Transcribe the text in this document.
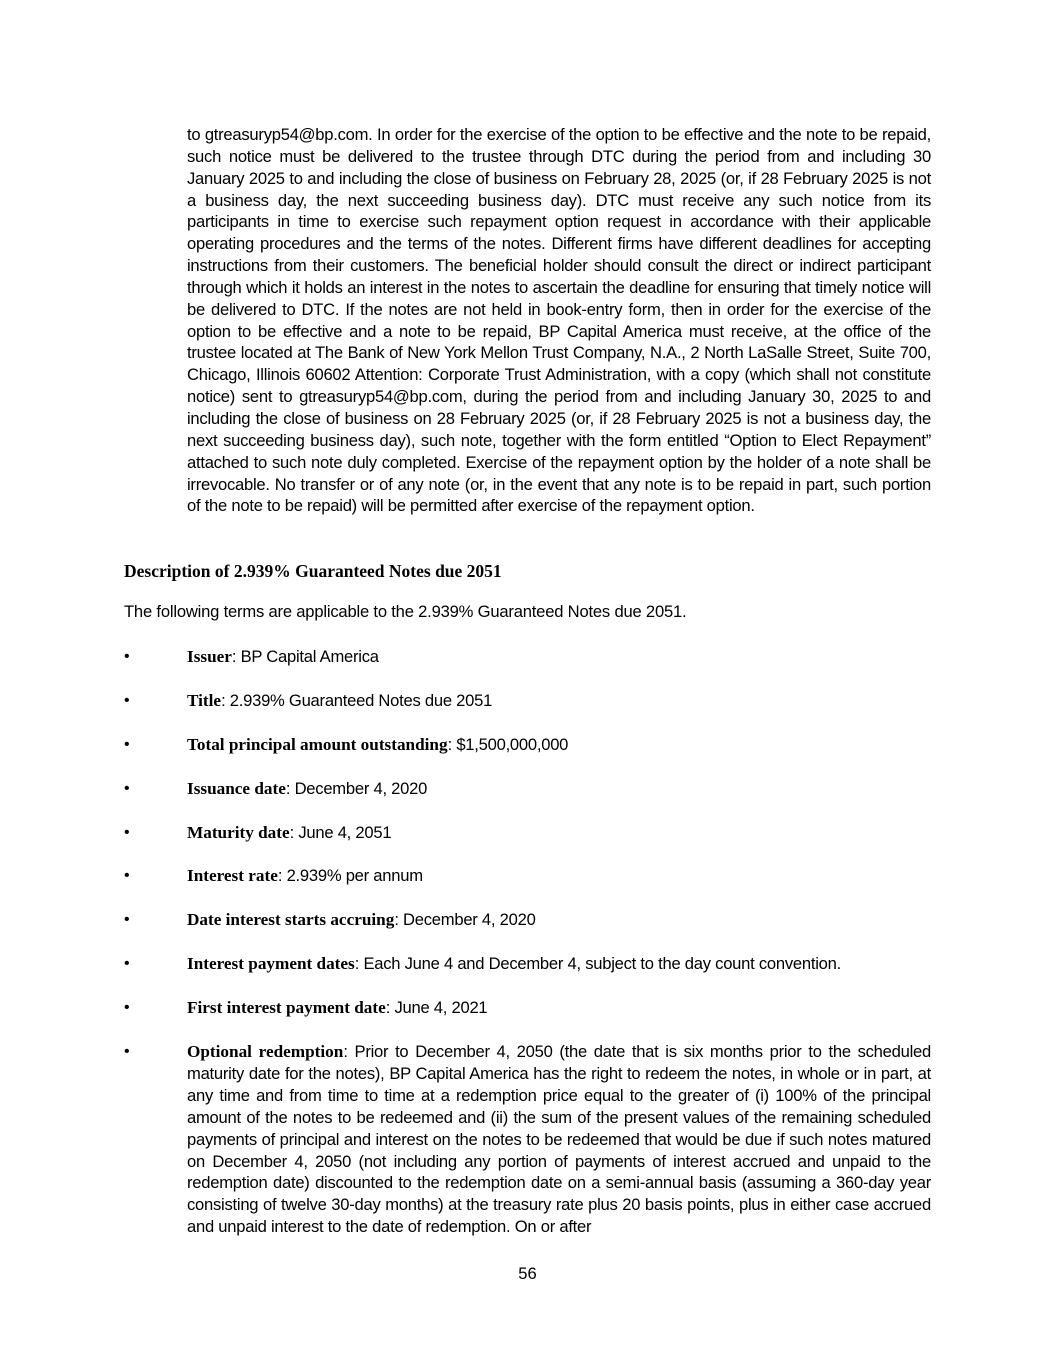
to gtreasuryp54@bp.com. In order for the exercise of the option to be effective and the note to be repaid, such notice must be delivered to the trustee through DTC during the period from and including 30 January 2025 to and including the close of business on February 28, 2025 (or, if 28 February 2025 is not a business day, the next succeeding business day). DTC must receive any such notice from its participants in time to exercise such repayment option request in accordance with their applicable operating procedures and the terms of the notes. Different firms have different deadlines for accepting instructions from their customers. The beneficial holder should consult the direct or indirect participant through which it holds an interest in the notes to ascertain the deadline for ensuring that timely notice will be delivered to DTC. If the notes are not held in book-entry form, then in order for the exercise of the option to be effective and a note to be repaid, BP Capital America must receive, at the office of the trustee located at The Bank of New York Mellon Trust Company, N.A., 2 North LaSalle Street, Suite 700, Chicago, Illinois 60602 Attention: Corporate Trust Administration, with a copy (which shall not constitute notice) sent to gtreasuryp54@bp.com, during the period from and including January 30, 2025 to and including the close of business on 28 February 2025 (or, if 28 February 2025 is not a business day, the next succeeding business day), such note, together with the form entitled “Option to Elect Repayment” attached to such note duly completed. Exercise of the repayment option by the holder of a note shall be irrevocable. No transfer or of any note (or, in the event that any note is to be repaid in part, such portion of the note to be repaid) will be permitted after exercise of the repayment option.

Description of 2.939% Guaranteed Notes due 2051

The following terms are applicable to the 2.939% Guaranteed Notes due 2051.

•	Issuer: BP Capital America
•	Title: 2.939% Guaranteed Notes due 2051
•	Total principal amount outstanding: $1,500,000,000
•	Issuance date: December 4, 2020
•	Maturity date: June 4, 2051
•	Interest rate: 2.939% per annum
•	Date interest starts accruing: December 4, 2020
•	Interest payment dates: Each June 4 and December 4, subject to the day count convention.
•	First interest payment date: June 4, 2021
•	Optional redemption: Prior to December 4, 2050 (the date that is six months prior to the scheduled maturity date for the notes), BP Capital America has the right to redeem the notes, in whole or in part, at any time and from time to time at a redemption price equal to the greater of (i) 100% of the principal amount of the notes to be redeemed and (ii) the sum of the present values of the remaining scheduled payments of principal and interest on the notes to be redeemed that would be due if such notes matured on December 4, 2050 (not including any portion of payments of interest accrued and unpaid to the redemption date) discounted to the redemption date on a semi-annual basis (assuming a 360-day year consisting of twelve 30-day months) at the treasury rate plus 20 basis points, plus in either case accrued and unpaid interest to the date of redemption. On or after

56
